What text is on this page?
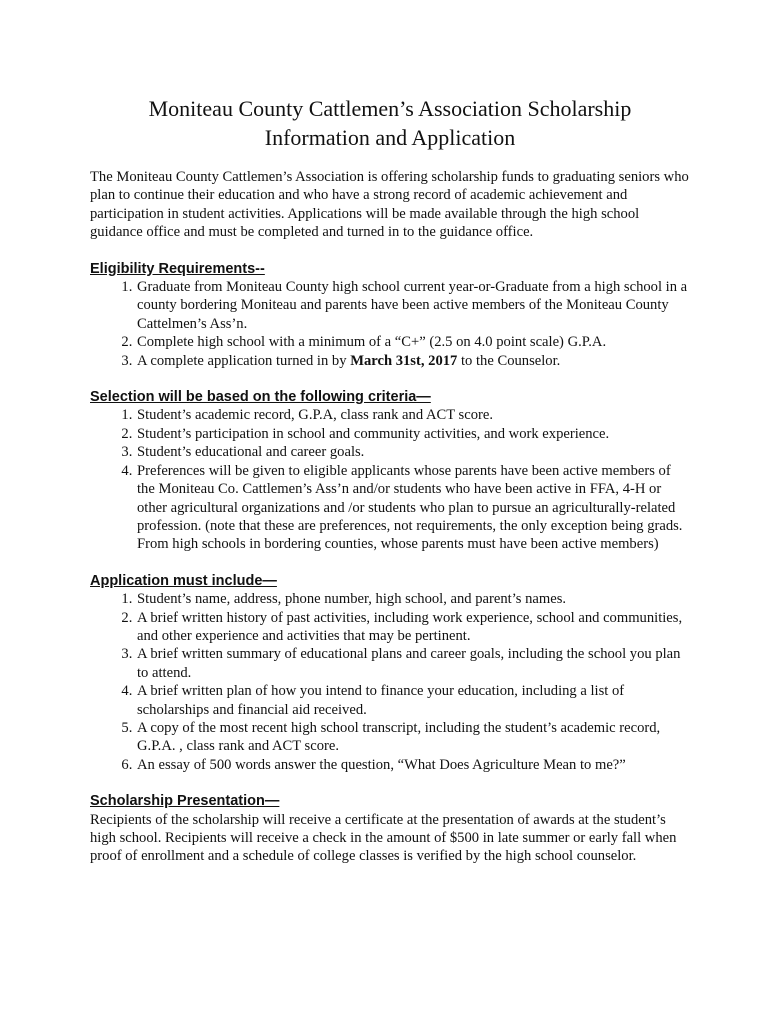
Moniteau County Cattlemen’s Association Scholarship
Information and Application

The Moniteau County Cattlemen’s Association is offering scholarship funds to graduating seniors who plan to continue their education and who have a strong record of academic achievement and participation in student activities. Applications will be made available through the high school guidance office and must be completed and turned in to the guidance office.

Eligibility Requirements--
1. Graduate from Moniteau County high school current year-or-Graduate from a high school in a county bordering Moniteau and parents have been active members of the Moniteau County Cattelmen’s Ass’n.
2. Complete high school with a minimum of a “C+” (2.5 on 4.0 point scale) G.P.A.
3. A complete application turned in by March 31st, 2017 to the Counselor.
Selection will be based on the following criteria—
1. Student’s academic record, G.P.A, class rank and ACT score.
2. Student’s participation in school and community activities, and work experience.
3. Student’s educational and career goals.
4. Preferences will be given to eligible applicants whose parents have been active members of the Moniteau Co. Cattlemen’s Ass’n and/or students who have been active in FFA, 4-H or other agricultural organizations and /or students who plan to pursue an agriculturally-related profession. (note that these are preferences, not requirements, the only exception being grads. From high schools in bordering counties, whose parents must have been active members)
Application must include—
1. Student’s name, address, phone number, high school, and parent’s names.
2. A brief written history of past activities, including work experience, school and communities, and other experience and activities that may be pertinent.
3. A brief written summary of educational plans and career goals, including the school you plan to attend.
4. A brief written plan of how you intend to finance your education, including a list of scholarships and financial aid received.
5. A copy of the most recent high school transcript, including the student’s academic record, G.P.A. , class rank and ACT score.
6. An essay of 500 words answer the question, “What Does Agriculture Mean to me?”
Scholarship Presentation—

Recipients of the scholarship will receive a certificate at the presentation of awards at the student’s high school. Recipients will receive a check in the amount of $500 in late summer or early fall when proof of enrollment and a schedule of college classes is verified by the high school counselor.
